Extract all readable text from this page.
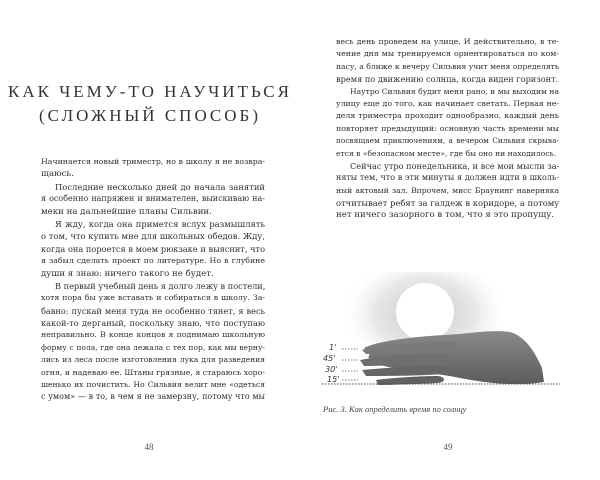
КАК ЧЕМУ-ТО НАУЧИТЬСЯ
(СЛОЖНЫЙ СПОСОБ)
Начинается новый триместр, но в школу я не возвра-
щаюсь.
Последние несколько дней до начала занятий
я особенно напряжен и внимателен, выискиваю на-
меки на дальнейшие планы Сильвии.
Я жду, когда она примется вслух размышлять
о том, что купить мне для школьных обедов. Жду,
когда она пороется в моем рюкзаке и выяснит, что
я забыл сделать проект по литературе. Но в глубине
души я знаю: ничего такого не будет.
В первый учебный день я долго лежу в постели,
хотя пора бы уже вставать и собираться в школу. За-
бавно: пускай меня туда не особенно тянет, я весь
какой-то дерганый, поскольку знаю, что поступаю
неправильно. В конце концов я поднимаю школьную
форму с пола, где она лежала с тех пор, как мы верну-
лись из леса после изготовления лука для разведения
огня, и надеваю ее. Штаны грязные, я стараюсь хоро-
шенько их почистить. Но Сильвия велит мне «одеться
с умом» — в то, в чем я не замерзну, потому что мы
48
весь день проведем на улице. И действительно, в те-
чение дня мы тренируемся ориентироваться по ком-
пасу, а ближе к вечеру Сильвия учит меня определять
время по движению солнца, когда виден горизонт.
Наутро Сильвия будит меня рано, и мы выходим на
улицу еще до того, как начинает светать. Первая не-
деля триместра проходит однообразно, каждый день
повторяет предыдущий: основную часть времени мы
посвящаем приключениям, а вечером Сильвия скрыва-
ется в «безопасном месте», где бы оно ни находилось.
Сейчас утро понедельника, и все мои мысли за-
няты тем, что в эти минуты я должен идти в школь-
ный актовый зал. Впрочем, мисс Браунинг наверняка
отчитывает ребят за галдеж в коридоре, а потому
нет ничего зазорного в том, что я это пропущу.
1'
45'
30'
15'
Рис. 3. Как определить время по солнцу
49
